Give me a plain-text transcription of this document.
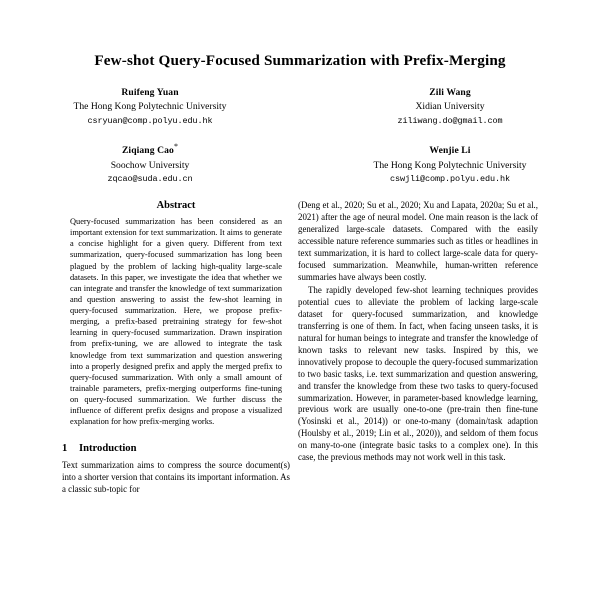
Few-shot Query-Focused Summarization with Prefix-Merging
Ruifeng Yuan
The Hong Kong Polytechnic University
csryuan@comp.polyu.edu.hk
Zili Wang
Xidian University
ziliwang.do@gmail.com
Ziqiang Cao*
Soochow University
zqcao@suda.edu.cn
Wenjie Li
The Hong Kong Polytechnic University
cswjli@comp.polyu.edu.hk
Abstract

Query-focused summarization has been considered as an important extension for text summarization. It aims to generate a concise highlight for a given query. Different from text summarization, query-focused summarization has long been plagued by the problem of lacking high-quality large-scale datasets. In this paper, we investigate the idea that whether we can integrate and transfer the knowledge of text summarization and question answering to assist the few-shot learning in query-focused summarization. Here, we propose prefix-merging, a prefix-based pretraining strategy for few-shot learning in query-focused summarization. Drawn inspiration from prefix-tuning, we are allowed to integrate the task knowledge from text summarization and question answering into a properly designed prefix and apply the merged prefix to query-focused summarization. With only a small amount of trainable parameters, prefix-merging outperforms fine-tuning on query-focused summarization. We further discuss the influence of different prefix designs and propose a visualized explanation for how prefix-merging works.

1 Introduction

Text summarization aims to compress the source document(s) into a shorter version that contains its important information. As a classic sub-topic for

(Deng et al., 2020; Su et al., 2020; Xu and Lapata, 2020a; Su et al., 2021) after the age of neural model. One main reason is the lack of generalized large-scale datasets. Compared with the easily accessible nature reference summaries such as titles or headlines in text summarization, it is hard to collect large-scale data for query-focused summarization. Meanwhile, human-written reference summaries have always been costly.

The rapidly developed few-shot learning techniques provides potential cues to alleviate the problem of lacking large-scale dataset for query-focused summarization, and knowledge transferring is one of them. In fact, when facing unseen tasks, it is natural for human beings to integrate and transfer the knowledge of known tasks to relevant new tasks. Inspired by this, we innovatively propose to decouple the query-focused summarization to two basic tasks, i.e. text summarization and question answering, and transfer the knowledge from these two tasks to query-focused summarization. However, in parameter-based knowledge learning, previous work are usually one-to-one (pre-train then fine-tune (Yosinski et al., 2014)) or one-to-many (domain/task adaption (Houlsby et al., 2019; Lin et al., 2020)), and seldom of them focus on many-to-one (integrate basic tasks to a complex one). In this case, the previous methods may not work well in this task.
